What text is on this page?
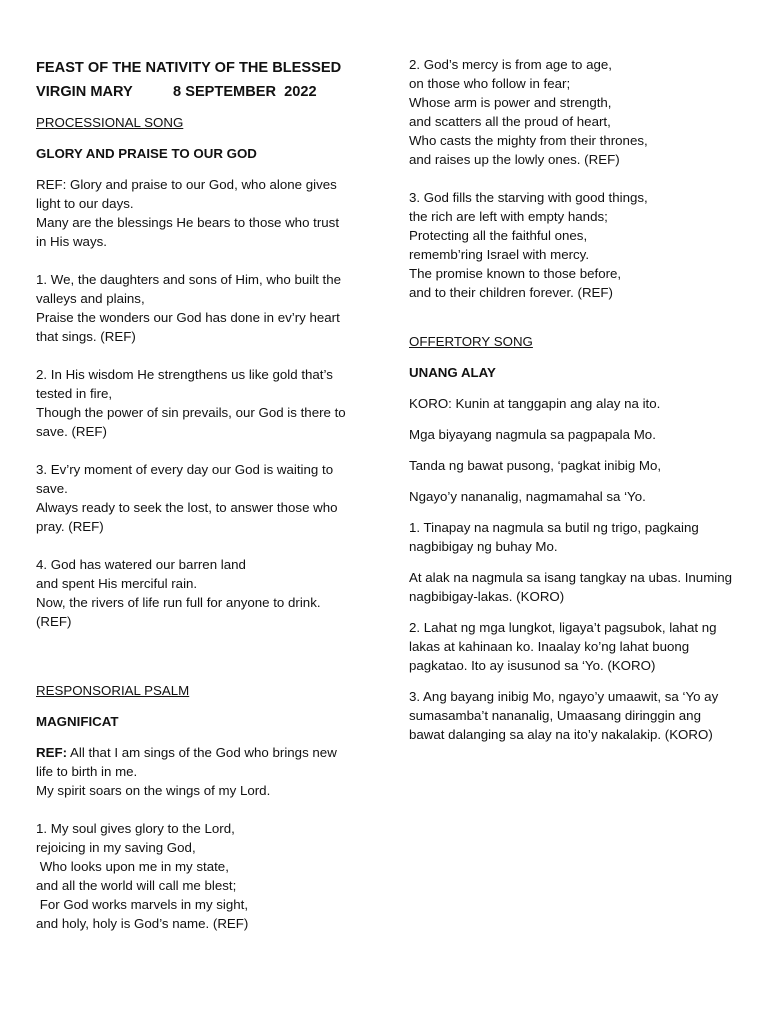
FEAST OF THE NATIVITY OF THE BLESSED

VIRGIN MARY          8 SEPTEMBER  2022

PROCESSIONAL SONG

GLORY AND PRAISE TO OUR GOD

REF: Glory and praise to our God, who alone gives
light to our days.
Many are the blessings He bears to those who trust
in His ways.
1. We, the daughters and sons of Him, who built the
valleys and plains,
Praise the wonders our God has done in ev’ry heart
that sings. (REF)
2. In His wisdom He strengthens us like gold that’s
tested in fire,
Though the power of sin prevails, our God is there to
save. (REF)
3. Ev’ry moment of every day our God is waiting to
save.
Always ready to seek the lost, to answer those who
pray. (REF)
4. God has watered our barren land
and spent His merciful rain.
Now, the rivers of life run full for anyone to drink.
(REF)

RESPONSORIAL PSALM

MAGNIFICAT

REF: All that I am sings of the God who brings new
life to birth in me.
My spirit soars on the wings of my Lord.
1. My soul gives glory to the Lord,
rejoicing in my saving God,
Who looks upon me in my state,
and all the world will call me blest;
For God works marvels in my sight,
and holy, holy is God’s name. (REF)
2. God’s mercy is from age to age,
on those who follow in fear;
Whose arm is power and strength,
and scatters all the proud of heart,
Who casts the mighty from their thrones,
and raises up the lowly ones. (REF)
3. God fills the starving with good things,
the rich are left with empty hands;
Protecting all the faithful ones,
rememb’ring Israel with mercy.
The promise known to those before,
and to their children forever. (REF)

OFFERTORY SONG

UNANG ALAY

KORO: Kunin at tanggapin ang alay na ito.

Mga biyayang nagmula sa pagpapala Mo.

Tanda ng bawat pusong, ‘pagkat inibig Mo,

Ngayo’y nananalig, nagmamahal sa ‘Yo.

1. Tinapay na nagmula sa butil ng trigo, pagkaing
nagbibigay ng buhay Mo.
At alak na nagmula sa isang tangkay na ubas. Inuming
nagbibigay-lakas. (KORO)
2. Lahat ng mga lungkot, ligaya’t pagsubok, lahat ng
lakas at kahinaan ko. Inaalay ko’ng lahat buong
pagkatao. Ito ay isusunod sa ‘Yo. (KORO)
3. Ang bayang inibig Mo, ngayo’y umaawit, sa ‘Yo ay
sumasamba’t nananalig, Umaasang diringgin ang
bawat dalanging sa alay na ito’y nakalakip. (KORO)
